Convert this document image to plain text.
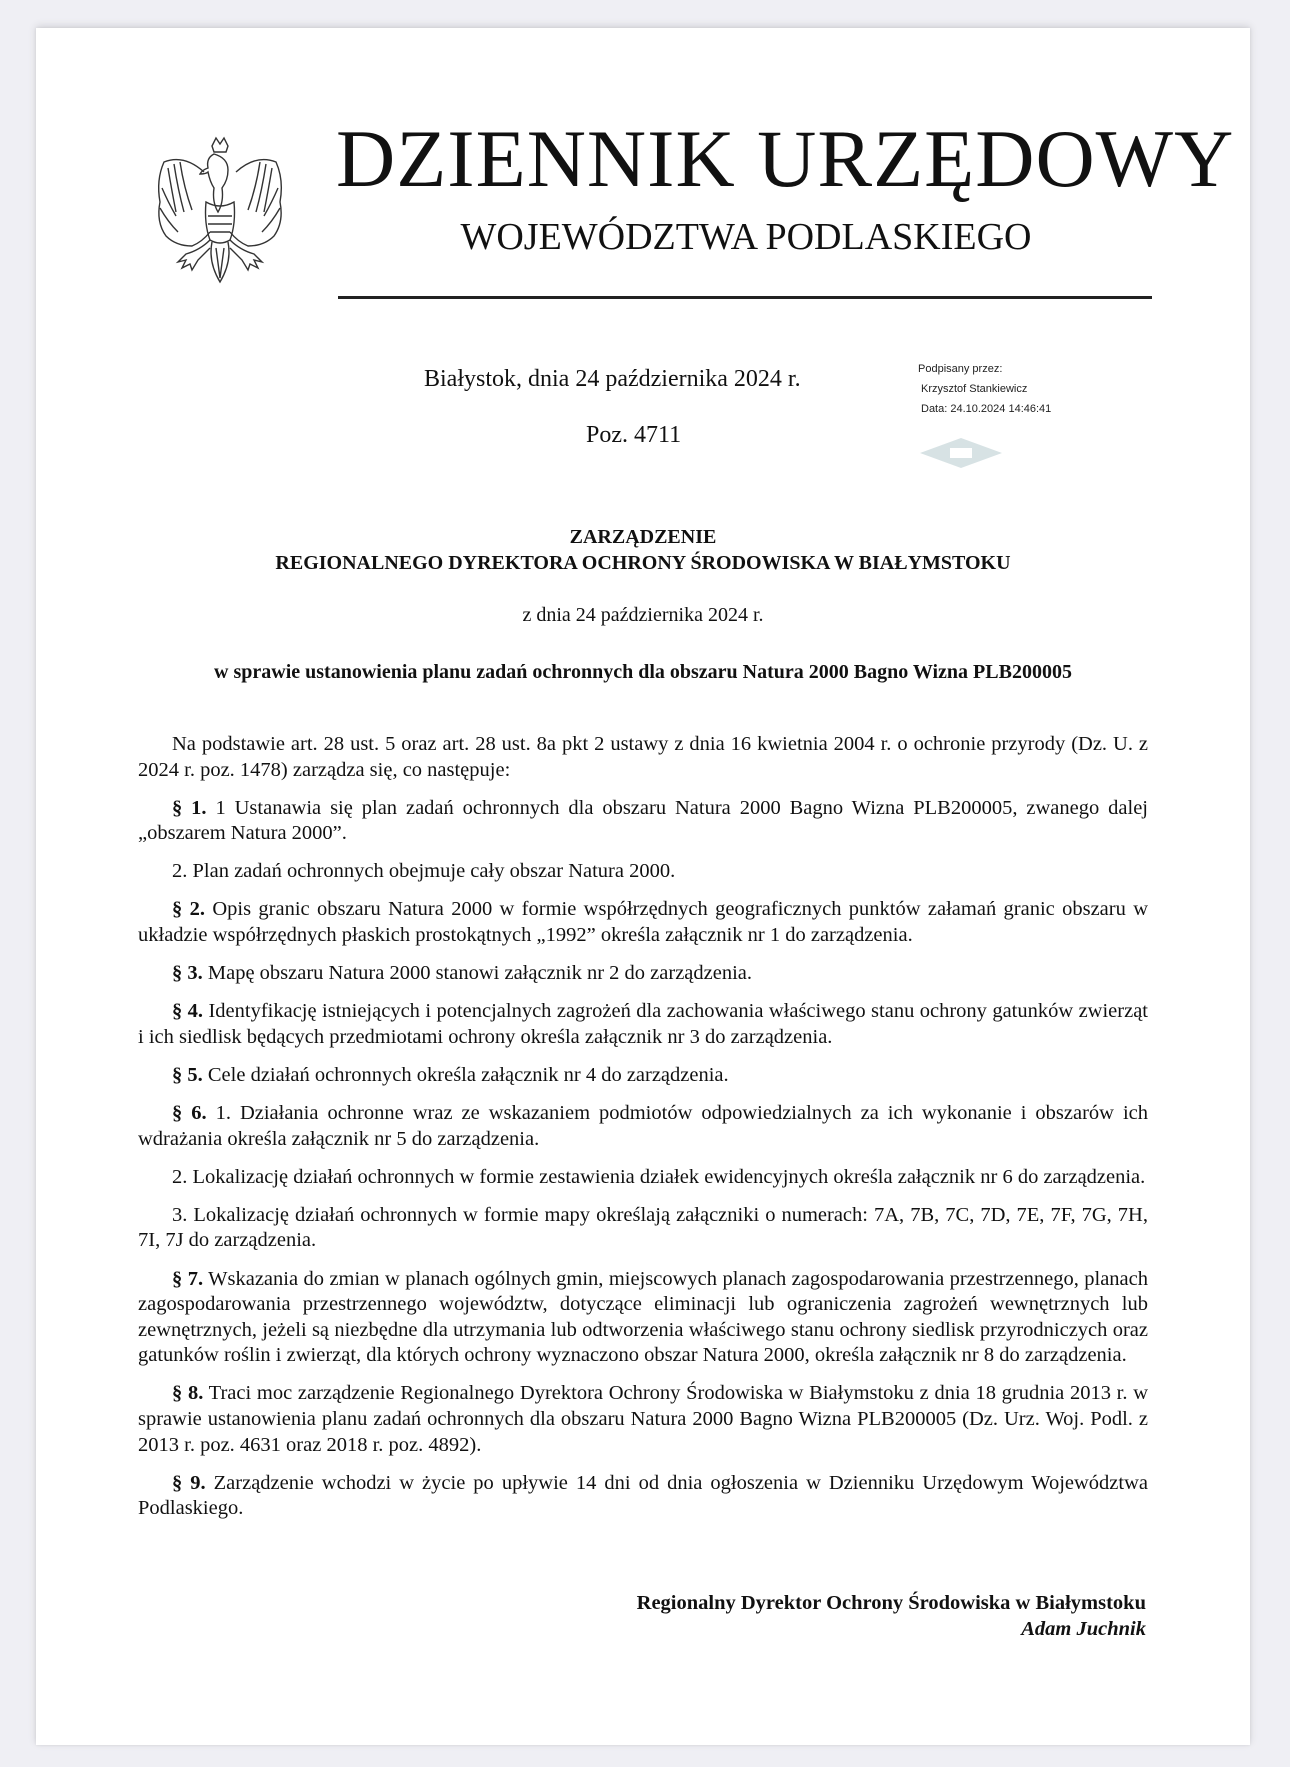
DZIENNIK URZĘDOWY
WOJEWÓDZTWA PODLASKIEGO
Białystok, dnia 24 października 2024 r.
Poz. 4711
Podpisany przez:
Krzysztof Stankiewicz
Data: 24.10.2024 14:46:41
ZARZĄDZENIE
REGIONALNEGO DYREKTORA OCHRONY ŚRODOWISKA W BIAŁYMSTOKU
z dnia 24 października 2024 r.
w sprawie ustanowienia planu zadań ochronnych dla obszaru Natura 2000 Bagno Wizna PLB200005

Na podstawie art. 28 ust. 5 oraz art. 28 ust. 8a pkt 2 ustawy z dnia 16 kwietnia 2004 r. o ochronie przyrody (Dz. U. z 2024 r. poz. 1478) zarządza się, co następuje:

§ 1. 1 Ustanawia się plan zadań ochronnych dla obszaru Natura 2000 Bagno Wizna PLB200005, zwanego dalej „obszarem Natura 2000”.

2. Plan zadań ochronnych obejmuje cały obszar Natura 2000.

§ 2. Opis granic obszaru Natura 2000 w formie współrzędnych geograficznych punktów załamań granic obszaru w układzie współrzędnych płaskich prostokątnych „1992” określa załącznik nr 1 do zarządzenia.

§ 3. Mapę obszaru Natura 2000 stanowi załącznik nr 2 do zarządzenia.

§ 4. Identyfikację istniejących i potencjalnych zagrożeń dla zachowania właściwego stanu ochrony gatunków zwierząt i ich siedlisk będących przedmiotami ochrony określa załącznik nr 3 do zarządzenia.

§ 5. Cele działań ochronnych określa załącznik nr 4 do zarządzenia.

§ 6. 1. Działania ochronne wraz ze wskazaniem podmiotów odpowiedzialnych za ich wykonanie i obszarów ich wdrażania określa załącznik nr 5 do zarządzenia.

2. Lokalizację działań ochronnych w formie zestawienia działek ewidencyjnych określa załącznik nr 6 do zarządzenia.

3. Lokalizację działań ochronnych w formie mapy określają załączniki o numerach: 7A, 7B, 7C, 7D, 7E, 7F, 7G, 7H, 7I, 7J do zarządzenia.

§ 7. Wskazania do zmian w planach ogólnych gmin, miejscowych planach zagospodarowania przestrzennego, planach zagospodarowania przestrzennego województw, dotyczące eliminacji lub ograniczenia zagrożeń wewnętrznych lub zewnętrznych, jeżeli są niezbędne dla utrzymania lub odtworzenia właściwego stanu ochrony siedlisk przyrodniczych oraz gatunków roślin i zwierząt, dla których ochrony wyznaczono obszar Natura 2000, określa załącznik nr 8 do zarządzenia.

§ 8. Traci moc zarządzenie Regionalnego Dyrektora Ochrony Środowiska w Białymstoku z dnia 18 grudnia 2013 r. w sprawie ustanowienia planu zadań ochronnych dla obszaru Natura 2000 Bagno Wizna PLB200005 (Dz. Urz. Woj. Podl. z 2013 r. poz. 4631 oraz 2018 r. poz. 4892).

§ 9. Zarządzenie wchodzi w życie po upływie 14 dni od dnia ogłoszenia w Dzienniku Urzędowym Województwa Podlaskiego.

Regionalny Dyrektor Ochrony Środowiska w Białymstoku
Adam Juchnik
